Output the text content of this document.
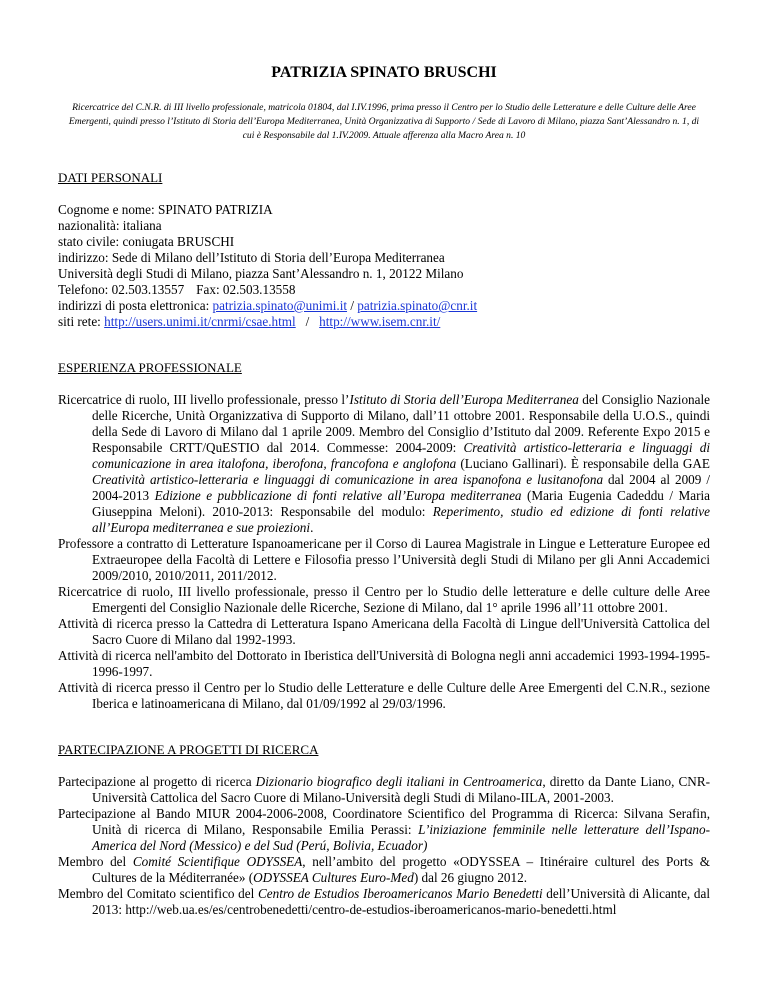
PATRIZIA SPINATO BRUSCHI
Ricercatrice del C.N.R. di III livello professionale, matricola 01804, dal I.IV.1996, prima presso il Centro per lo Studio delle Letterature e delle Culture delle Aree Emergenti, quindi presso l’Istituto di Storia dell’Europa Mediterranea, Unità Organizzativa di Supporto / Sede di Lavoro di Milano, piazza Sant’Alessandro n. 1, di cui è Responsabile dal 1.IV.2009. Attuale afferenza alla Macro Area n. 10
DATI PERSONALI
Cognome e nome: SPINATO PATRIZIA
nazionalità: italiana
stato civile: coniugata BRUSCHI
indirizzo: Sede di Milano dell’Istituto di Storia dell’Europa Mediterranea
Università degli Studi di Milano, piazza Sant’Alessandro n. 1, 20122 Milano
Telefono: 02.503.13557 Fax: 02.503.13558
indirizzi di posta elettronica: patrizia.spinato@unimi.it / patrizia.spinato@cnr.it
siti rete: http://users.unimi.it/cnrmi/csae.html   /   http://www.isem.cnr.it/
ESPERIENZA PROFESSIONALE

Ricercatrice di ruolo, III livello professionale, presso l’Istituto di Storia dell’Europa Mediterranea del Consiglio Nazionale delle Ricerche, Unità Organizzativa di Supporto di Milano, dall’11 ottobre 2001. Responsabile della U.O.S., quindi della Sede di Lavoro di Milano dal 1 aprile 2009. Membro del Consiglio d’Istituto dal 2009. Referente Expo 2015 e Responsabile CRTT/QuESTIO dal 2014. Commesse: 2004-2009: Creatività artistico-letteraria e linguaggi di comunicazione in area italofona, iberofona, francofona e anglofona (Luciano Gallinari). È responsabile della GAE Creatività artistico-letteraria e linguaggi di comunicazione in area ispanofona e lusitanofona dal 2004 al 2009 / 2004-2013 Edizione e pubblicazione di fonti relative all’Europa mediterranea (Maria Eugenia Cadeddu / Maria Giuseppina Meloni). 2010-2013: Responsabile del modulo: Reperimento, studio ed edizione di fonti relative all’Europa mediterranea e sue proiezioni.

Professore a contratto di Letterature Ispanoamericane per il Corso di Laurea Magistrale in Lingue e Letterature Europee ed Extraeuropee della Facoltà di Lettere e Filosofia presso l’Università degli Studi di Milano per gli Anni Accademici 2009/2010, 2010/2011, 2011/2012.

Ricercatrice di ruolo, III livello professionale, presso il Centro per lo Studio delle letterature e delle culture delle Aree Emergenti del Consiglio Nazionale delle Ricerche, Sezione di Milano, dal 1° aprile 1996 all’11 ottobre 2001.

Attività di ricerca presso la Cattedra di Letteratura Ispano Americana della Facoltà di Lingue dell'Università Cattolica del Sacro Cuore di Milano dal 1992-1993.

Attività di ricerca nell'ambito del Dottorato in Iberistica dell'Università di Bologna negli anni accademici 1993-1994-1995-1996-1997.

Attività di ricerca presso il Centro per lo Studio delle Letterature e delle Culture delle Aree Emergenti del C.N.R., sezione Iberica e latinoamericana di Milano, dal 01/09/1992 al 29/03/1996.

PARTECIPAZIONE A PROGETTI DI RICERCA

Partecipazione al progetto di ricerca Dizionario biografico degli italiani in Centroamerica, diretto da Dante Liano, CNR- Università Cattolica del Sacro Cuore di Milano-Università degli Studi di Milano-IILA, 2001-2003.

Partecipazione al Bando MIUR 2004-2006-2008, Coordinatore Scientifico del Programma di Ricerca: Silvana Serafin, Unità di ricerca di Milano, Responsabile Emilia Perassi: L’iniziazione femminile nelle letterature dell’Ispano-America del Nord (Messico) e del Sud (Perú, Bolivia, Ecuador)

Membro del Comité Scientifique ODYSSEA, nell’ambito del progetto «ODYSSEA – Itinéraire culturel des Ports & Cultures de la Méditerranée» (ODYSSEA Cultures Euro-Med) dal 26 giugno 2012.

Membro del Comitato scientifico del Centro de Estudios Iberoamericanos Mario Benedetti dell’Università di Alicante, dal 2013: http://web.ua.es/es/centrobenedetti/centro-de-estudios-iberoamericanos-mario-benedetti.html
